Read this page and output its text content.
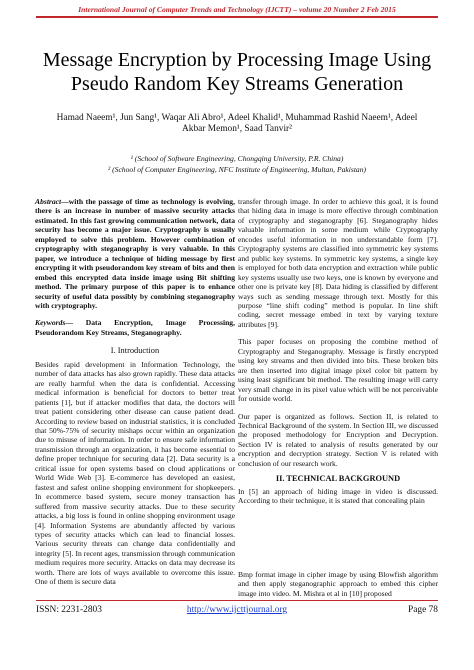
International Journal of Computer Trends and Technology (IJCTT) – volume 20 Number 2 Feb 2015
Message Encryption by Processing Image Using
Pseudo Random Key Streams Generation
Hamad Naeem¹, Jun Sang¹, Waqar Ali Abro¹, Adeel Khalid¹, Muhammad Rashid Naeem¹, Adeel Akbar Memon¹, Saad Tanvir²
¹ (School of Software Engineering, Chongqing University, P.R. China)
² (School of Computer Engineering, NFC Institute of Engineering, Multan, Pakistan)

Abstract—with the passage of time as technology is evolving, there is an increase in number of massive security attacks estimated. In this fast growing communication network, data security has become a major issue. Cryptography is usually employed to solve this problem. However combination of cryptography with steganography is very valuable. In this paper, we introduce a technique of hiding message by first encrypting it with pseudorandom key stream of bits and then embed this encrypted data inside image using Bit shifting method. The primary purpose of this paper is to enhance security of useful data possibly by combining steganography with cryptography.

Keywords— Data Encryption, Image Processing, Pseudorandom Key Streams, Steganography.

I. Introduction

Besides rapid development in Information Technology, the number of data attacks has also grown rapidly. These data attacks are really harmful when the data is confidential. Accessing medical information is beneficial for doctors to better treat patients [1], but if attacker modifies that data, the doctors will treat patient considering other disease can cause patient dead. According to review based on industrial statistics, it is concluded that 50%-75% of security mishaps occur within an organization due to misuse of information. In order to ensure safe information transmission through an organization, it has become essential to define proper technique for securing data [2]. Data security is a critical issue for open systems based on cloud applications or World Wide Web [3]. E-commerce has developed an easiest, fastest and safest online shopping environment for shopkeepers. In ecommerce based system, secure money transaction has suffered from massive security attacks. Due to these security attacks, a big loss is found in online shopping environment usage [4]. Information Systems are abundantly affected by various types of security attacks which can lead to financial losses. Various security threats can change data confidentially and integrity [5]. In recent ages, transmission through communication medium requires more security. Attacks on data may decrease its worth. There are lots of ways available to overcome this issue. One of them is secure data

transfer through image. In order to achieve this goal, it is found that hiding data in image is more effective through combination of cryptography and steganography [6]. Steganography hides valuable information in some medium while Cryptography encodes useful information in non understandable form [7]. Cryptography systems are classified into symmetric key systems and public key systems. In symmetric key systems, a single key is employed for both data encryption and extraction while public key systems usually use two keys, one is known by everyone and other one is private key [8]. Data hiding is classified by different ways such as sending message through text. Mostly for this purpose “line shift coding” method is popular. In line shift coding, secret message embed in text by varying texture attributes [9].

This paper focuses on proposing the combine method of Cryptography and Steganography. Message is firstly encrypted using key streams and then divided into bits. These broken bits are then inserted into digital image pixel color bit pattern by using least significant bit method. The resulting image will carry very small change in its pixel value which will be not perceivable for outside world.

Our paper is organized as follows. Section II, is related to Technical Background of the system. In Section III, we discussed the proposed methodology for Encryption and Decryption. Section IV is related to analysis of results generated by our encryption and decryption strategy. Section V is related with conclusion of our research work.

II. TECHNICAL BACKGROUND

In [5] an approach of hiding image in video is discussed. According to their technique, it is stated that concealing plain

Bmp format image in cipher image by using Blowfish algorithm and then apply steganographic approach to embed this cipher image into video. M. Mishra et al in [10] proposed

ISSN: 2231-2803	http://www.ijcttjournal.org	Page 78
